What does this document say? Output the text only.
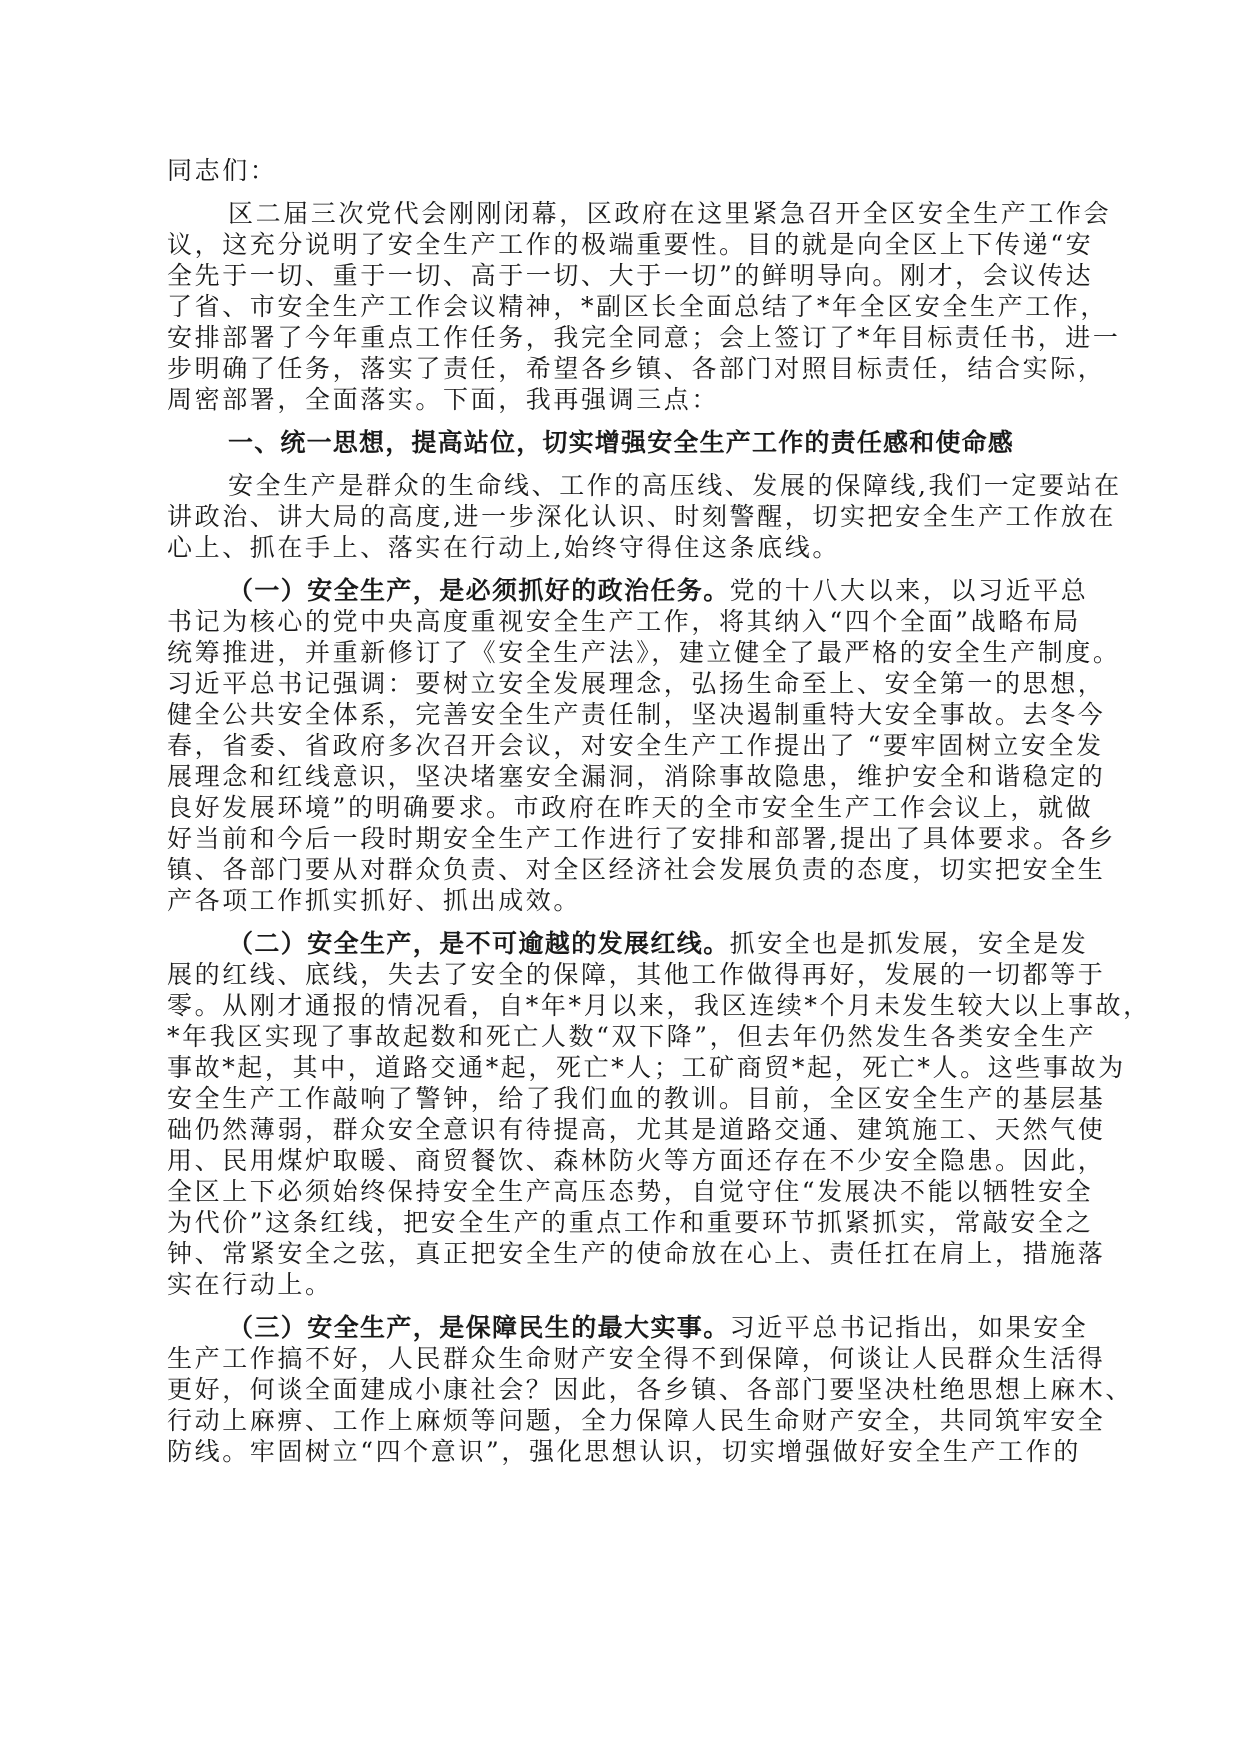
同志们：
区二届三次党代会刚刚闭幕，区政府在这里紧急召开全区安全生产工作会
议，这充分说明了安全生产工作的极端重要性。目的就是向全区上下传递“安
全先于一切、重于一切、高于一切、大于一切”的鲜明导向。刚才，会议传达
了省、市安全生产工作会议精神，*副区长全面总结了*年全区安全生产工作，
安排部署了今年重点工作任务，我完全同意；会上签订了*年目标责任书，进一
步明确了任务，落实了责任，希望各乡镇、各部门对照目标责任，结合实际，
周密部署，全面落实。下面，我再强调三点：
一、统一思想，提高站位，切实增强安全生产工作的责任感和使命感
安全生产是群众的生命线、工作的高压线、发展的保障线,我们一定要站在
讲政治、讲大局的高度,进一步深化认识、时刻警醒，切实把安全生产工作放在
心上、抓在手上、落实在行动上,始终守得住这条底线。
（一）安全生产，是必须抓好的政治任务。党的十八大以来，以习近平总
书记为核心的党中央高度重视安全生产工作，将其纳入“四个全面”战略布局
统筹推进，并重新修订了《安全生产法》，建立健全了最严格的安全生产制度。
习近平总书记强调：要树立安全发展理念，弘扬生命至上、安全第一的思想，
健全公共安全体系，完善安全生产责任制，坚决遏制重特大安全事故。去冬今
春，省委、省政府多次召开会议，对安全生产工作提出了 “要牢固树立安全发
展理念和红线意识，坚决堵塞安全漏洞，消除事故隐患，维护安全和谐稳定的
良好发展环境”的明确要求。市政府在昨天的全市安全生产工作会议上，就做
好当前和今后一段时期安全生产工作进行了安排和部署,提出了具体要求。各乡
镇、各部门要从对群众负责、对全区经济社会发展负责的态度，切实把安全生
产各项工作抓实抓好、抓出成效。
（二）安全生产，是不可逾越的发展红线。抓安全也是抓发展，安全是发
展的红线、底线，失去了安全的保障，其他工作做得再好，发展的一切都等于
零。从刚才通报的情况看，自*年*月以来，我区连续*个月未发生较大以上事故，
*年我区实现了事故起数和死亡人数“双下降”，但去年仍然发生各类安全生产
事故*起，其中，道路交通*起，死亡*人；工矿商贸*起，死亡*人。这些事故为
安全生产工作敲响了警钟，给了我们血的教训。目前，全区安全生产的基层基
础仍然薄弱，群众安全意识有待提高，尤其是道路交通、建筑施工、天然气使
用、民用煤炉取暖、商贸餐饮、森林防火等方面还存在不少安全隐患。因此，
全区上下必须始终保持安全生产高压态势，自觉守住“发展决不能以牺牲安全
为代价”这条红线，把安全生产的重点工作和重要环节抓紧抓实，常敲安全之
钟、常紧安全之弦，真正把安全生产的使命放在心上、责任扛在肩上，措施落
实在行动上。
（三）安全生产，是保障民生的最大实事。习近平总书记指出，如果安全
生产工作搞不好，人民群众生命财产安全得不到保障，何谈让人民群众生活得
更好，何谈全面建成小康社会？因此，各乡镇、各部门要坚决杜绝思想上麻木、
行动上麻痹、工作上麻烦等问题，全力保障人民生命财产安全，共同筑牢安全
防线。牢固树立“四个意识”，强化思想认识，切实增强做好安全生产工作的
